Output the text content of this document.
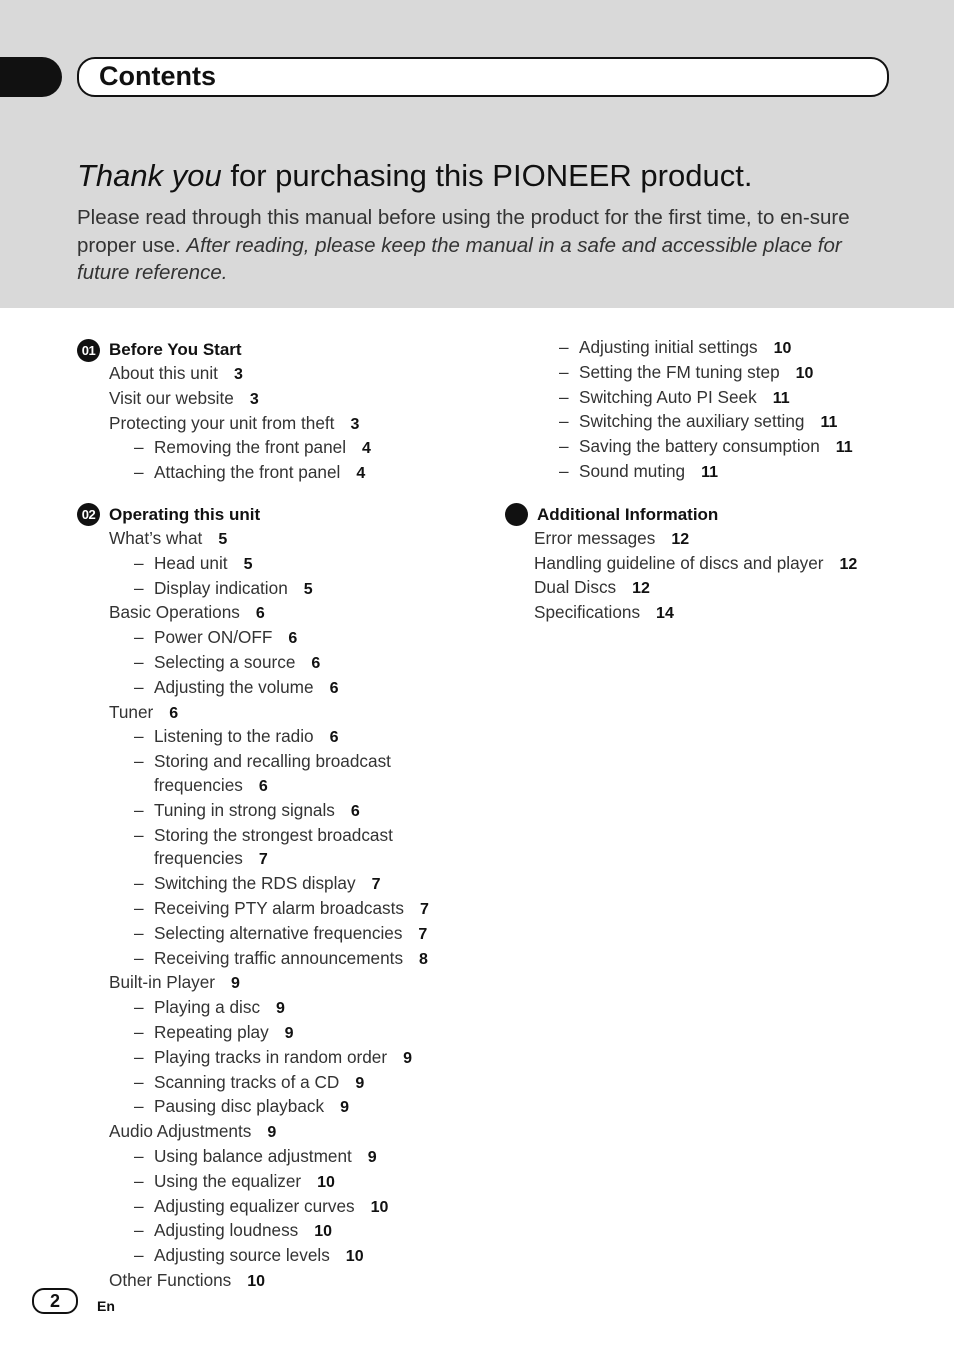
Contents
Thank you for purchasing this PIONEER product.
Please read through this manual before using the product for the first time, to en-sure proper use. After reading, please keep the manual in a safe and accessible place for future reference.
01 Before You Start
About this unit 3
Visit our website 3
Protecting your unit from theft 3
– Removing the front panel 4
– Attaching the front panel 4
02 Operating this unit
What’s what 5
– Head unit 5
– Display indication 5
Basic Operations 6
– Power ON/OFF 6
– Selecting a source 6
– Adjusting the volume 6
Tuner 6
– Listening to the radio 6
– Storing and recalling broadcast
frequencies 6
– Tuning in strong signals 6
– Storing the strongest broadcast
frequencies 7
– Switching the RDS display 7
– Receiving PTY alarm broadcasts 7
– Selecting alternative frequencies 7
– Receiving traffic announcements 8
Built-in Player 9
– Playing a disc 9
– Repeating play 9
– Playing tracks in random order 9
– Scanning tracks of a CD 9
– Pausing disc playback 9
Audio Adjustments 9
– Using balance adjustment 9
– Using the equalizer 10
– Adjusting equalizer curves 10
– Adjusting loudness 10
– Adjusting source levels 10
Other Functions 10
– Adjusting initial settings 10
– Setting the FM tuning step 10
– Switching Auto PI Seek 11
– Switching the auxiliary setting 11
– Saving the battery consumption 11
– Sound muting 11
Additional Information
Error messages 12
Handling guideline of discs and player 12
Dual Discs 12
Specifications 14
2	En
